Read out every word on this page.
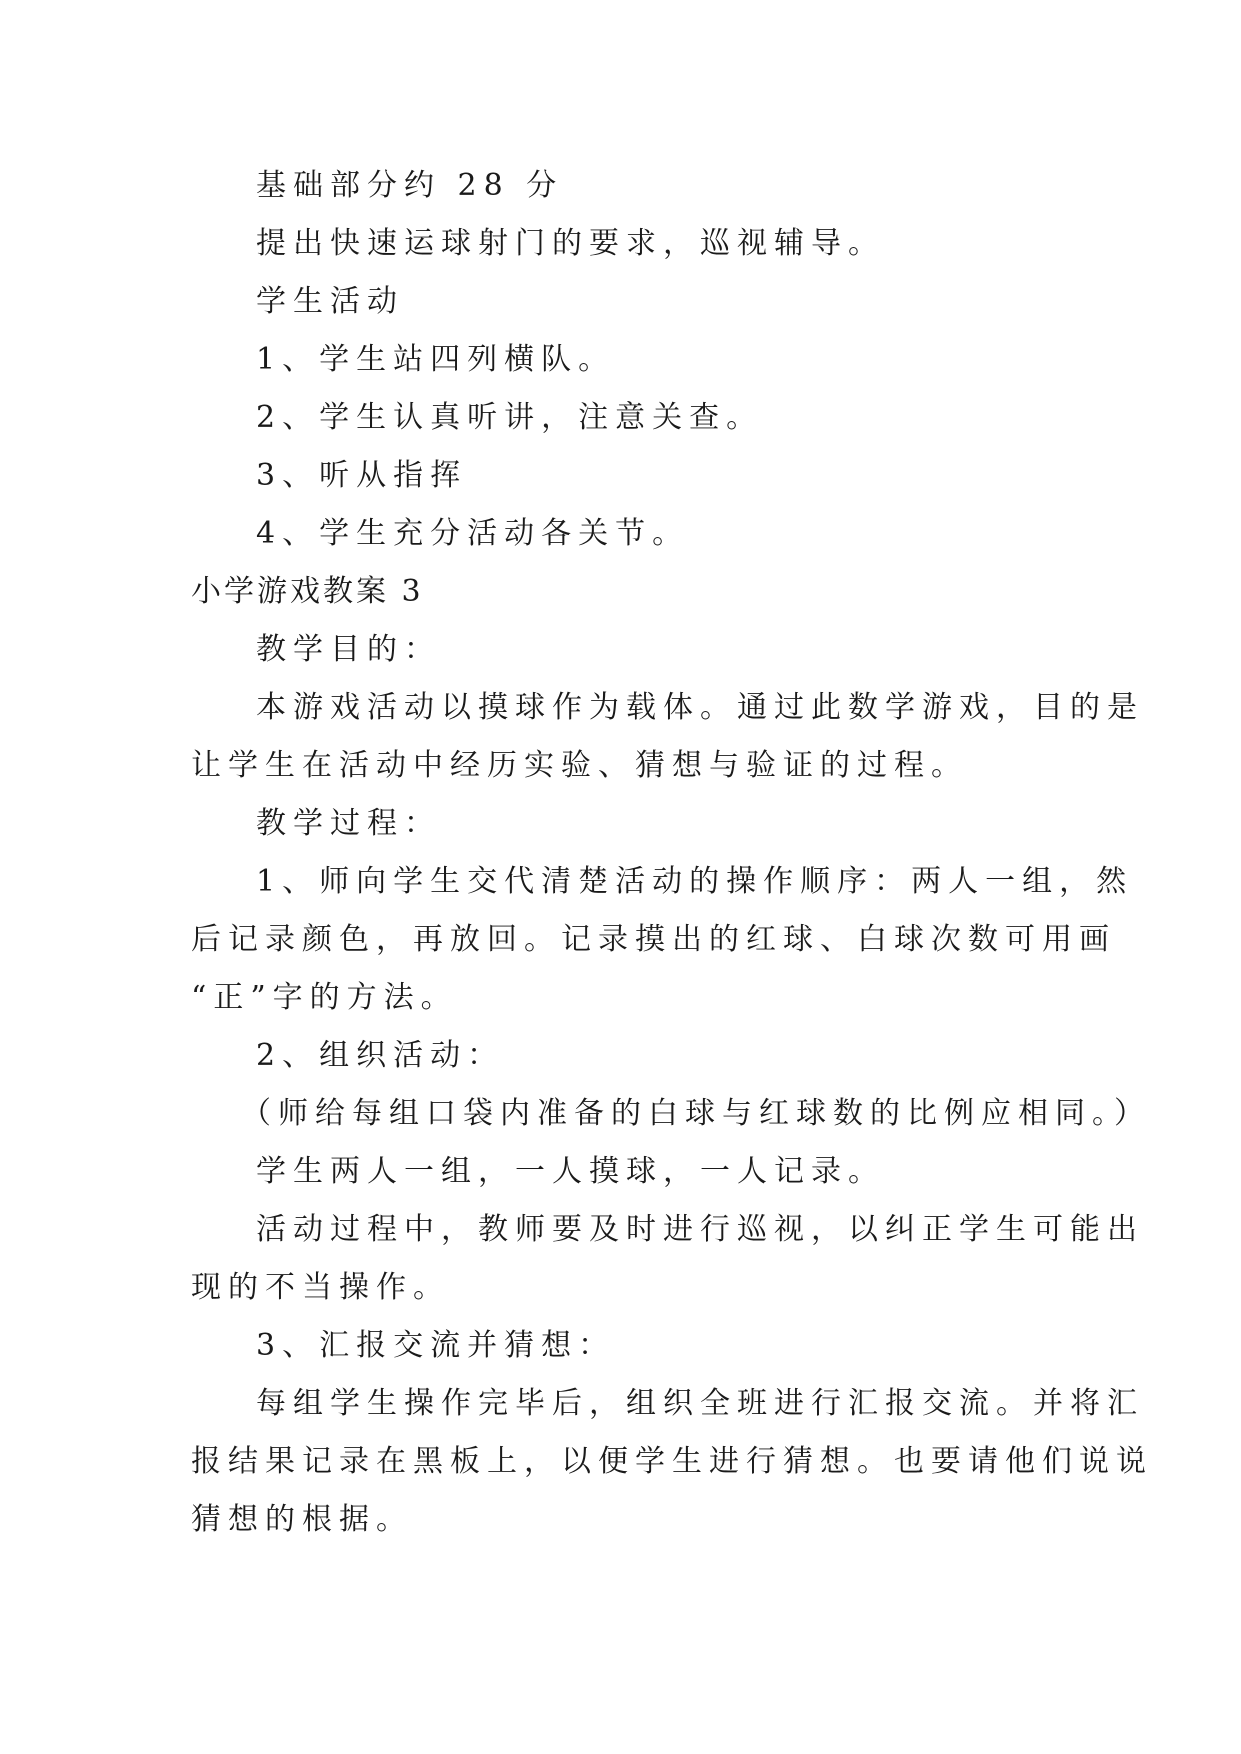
基础部分约 28 分
提出快速运球射门的要求，巡视辅导。
学生活动
1、学生站四列横队。
2、学生认真听讲，注意关查。
3、听从指挥
4、学生充分活动各关节。
小学游戏教案 3
教学目的：
本游戏活动以摸球作为载体。通过此数学游戏，目的是
让学生在活动中经历实验、猜想与验证的过程。
教学过程：
1、师向学生交代清楚活动的操作顺序：两人一组，然
后记录颜色，再放回。记录摸出的红球、白球次数可用画
“正”字的方法。
2、组织活动：
（师给每组口袋内准备的白球与红球数的比例应相同。）
学生两人一组，一人摸球，一人记录。
活动过程中，教师要及时进行巡视，以纠正学生可能出
现的不当操作。
3、汇报交流并猜想：
每组学生操作完毕后，组织全班进行汇报交流。并将汇
报结果记录在黑板上，以便学生进行猜想。也要请他们说说
猜想的根据。
